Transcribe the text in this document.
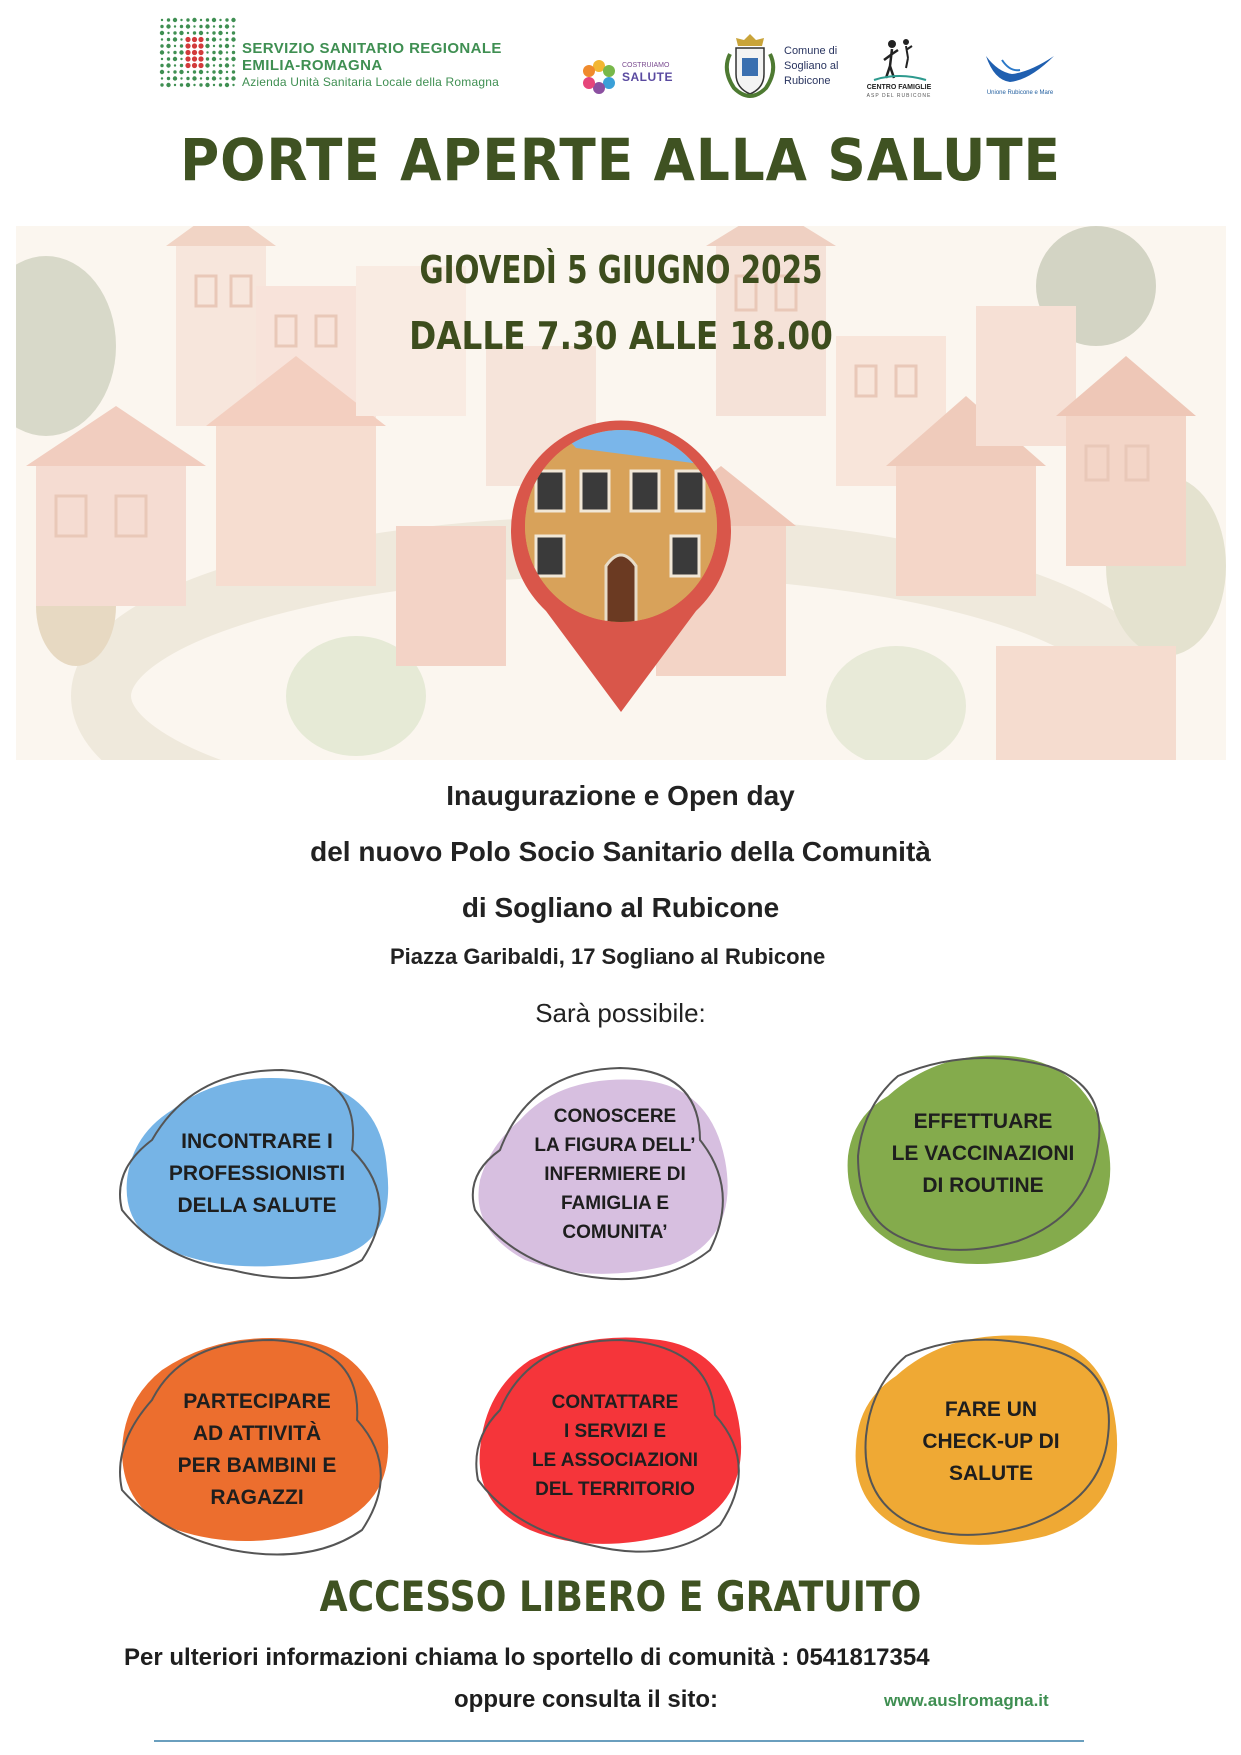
SERVIZIO SANITARIO REGIONALE
EMILIA-ROMAGNA
Azienda Unità Sanitaria Locale della Romagna
COSTRUIAMO
SALUTE
Comune di
Sogliano al
Rubicone
CENTRO FAMIGLIE
ASP DEL RUBICONE	Unione Rubicone e Mare
PORTE APERTE ALLA SALUTE
GIOVEDÌ 5 GIUGNO 2025
DALLE 7.30 ALLE 18.00
Inaugurazione e Open day
del nuovo Polo Socio Sanitario della Comunità
di Sogliano al Rubicone
Piazza Garibaldi, 17 Sogliano al Rubicone
Sarà possibile:
INCONTRARE I
PROFESSIONISTI
DELLA SALUTE
CONOSCERE
LA FIGURA DELL’
INFERMIERE DI
FAMIGLIA E
COMUNITA’
EFFETTUARE
LE VACCINAZIONI
DI ROUTINE
PARTECIPARE
AD ATTIVITÀ
PER BAMBINI E
RAGAZZI
CONTATTARE
I SERVIZI E
LE ASSOCIAZIONI
DEL TERRITORIO
FARE UN
CHECK-UP DI
SALUTE
ACCESSO LIBERO E GRATUITO
Per ulteriori informazioni chiama lo sportello di comunità : 0541817354
oppure consulta il sito:	www.auslromagna.it
